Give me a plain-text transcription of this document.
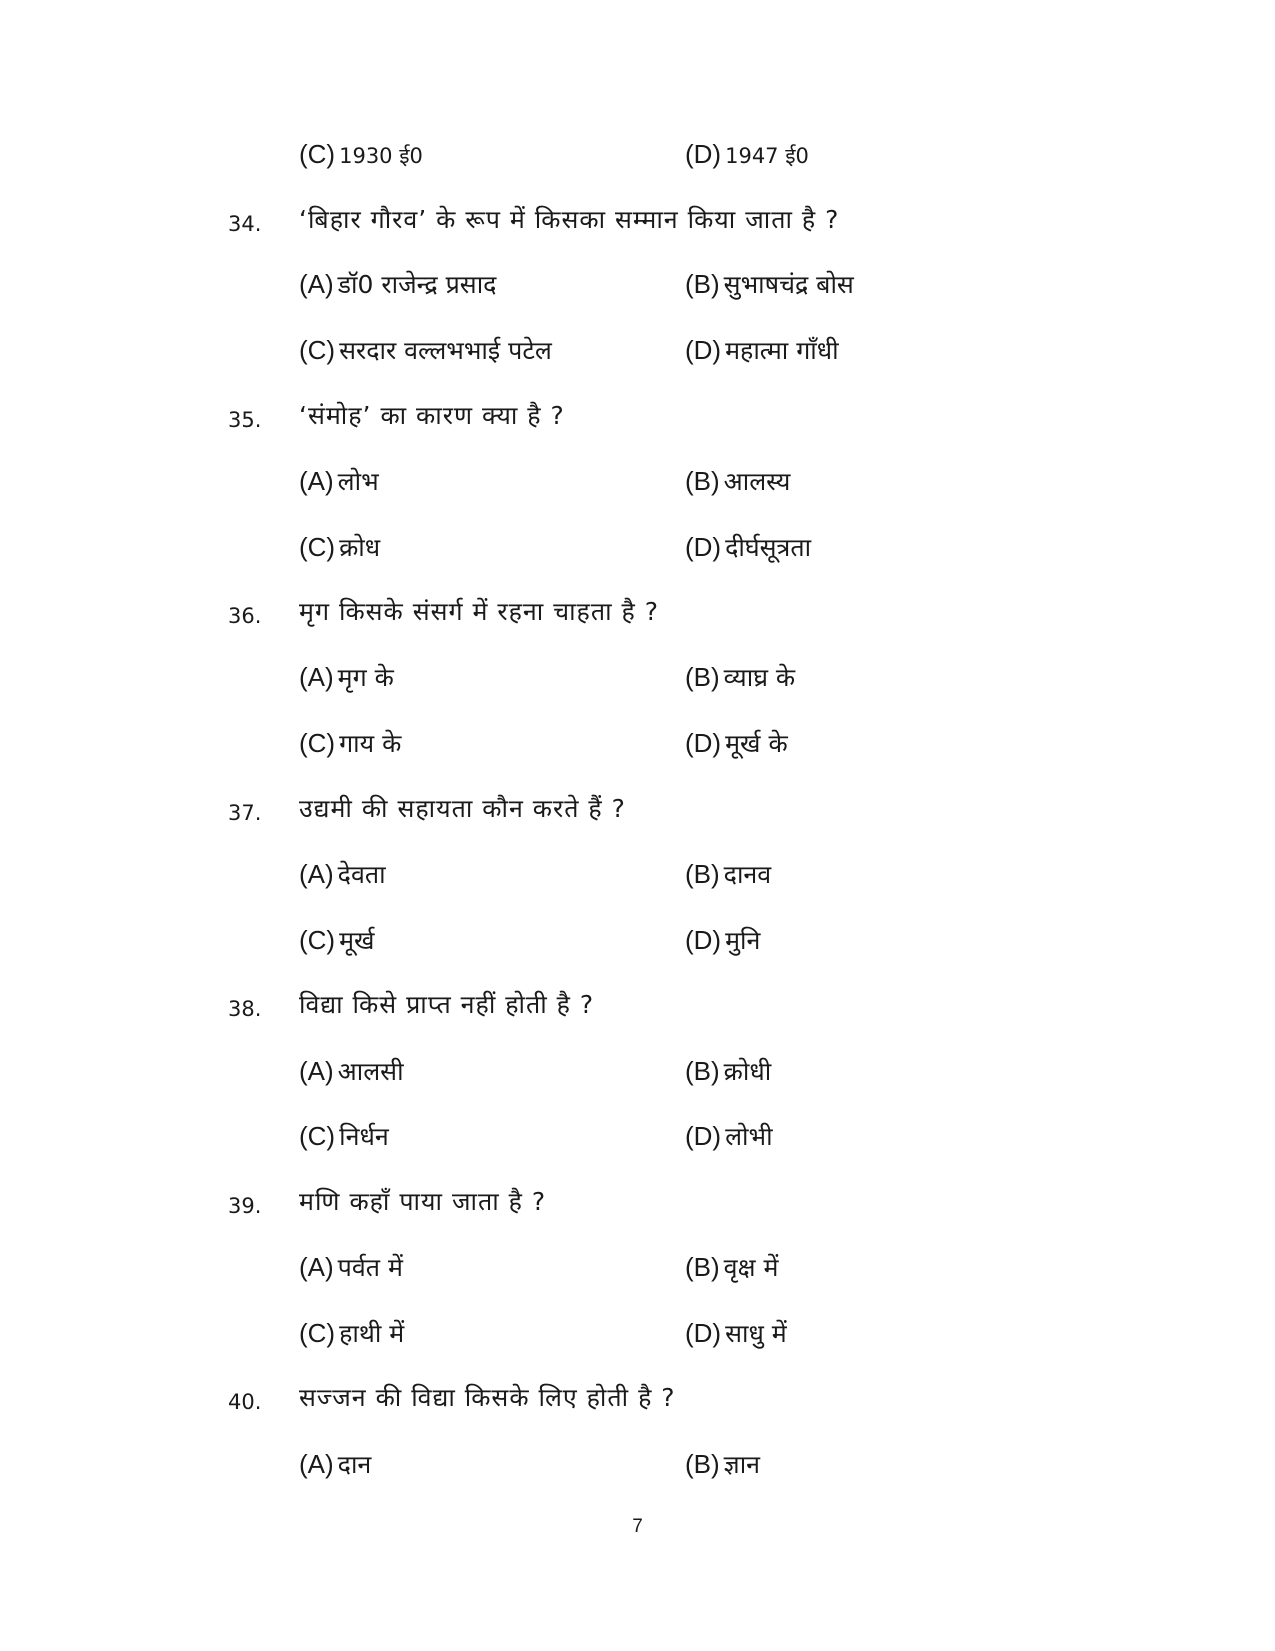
(C) 1930 ई0	(D) 1947 ई0
34. ‘बिहार गौरव’ के रूप में किसका सम्मान किया जाता है ?
(A) डॉ0 राजेन्द्र प्रसाद	(B) सुभाषचंद्र बोस
(C) सरदार वल्लभभाई पटेल	(D) महात्मा गाँधी
35. ‘संमोह’ का कारण क्या है ?
(A) लोभ	(B) आलस्य
(C) क्रोध	(D) दीर्घसूत्रता
36. मृग किसके संसर्ग में रहना चाहता है ?
(A) मृग के	(B) व्याघ्र के
(C) गाय के	(D) मूर्ख के
37. उद्यमी की सहायता कौन करते हैं ?
(A) देवता	(B) दानव
(C) मूर्ख	(D) मुनि
38. विद्या किसे प्राप्त नहीं होती है ?
(A) आलसी	(B) क्रोधी
(C) निर्धन	(D) लोभी
39. मणि कहाँ पाया जाता है ?
(A) पर्वत में	(B) वृक्ष में
(C) हाथी में	(D) साधु में
40. सज्जन की विद्या किसके लिए होती है ?
(A) दान	(B) ज्ञान
7
